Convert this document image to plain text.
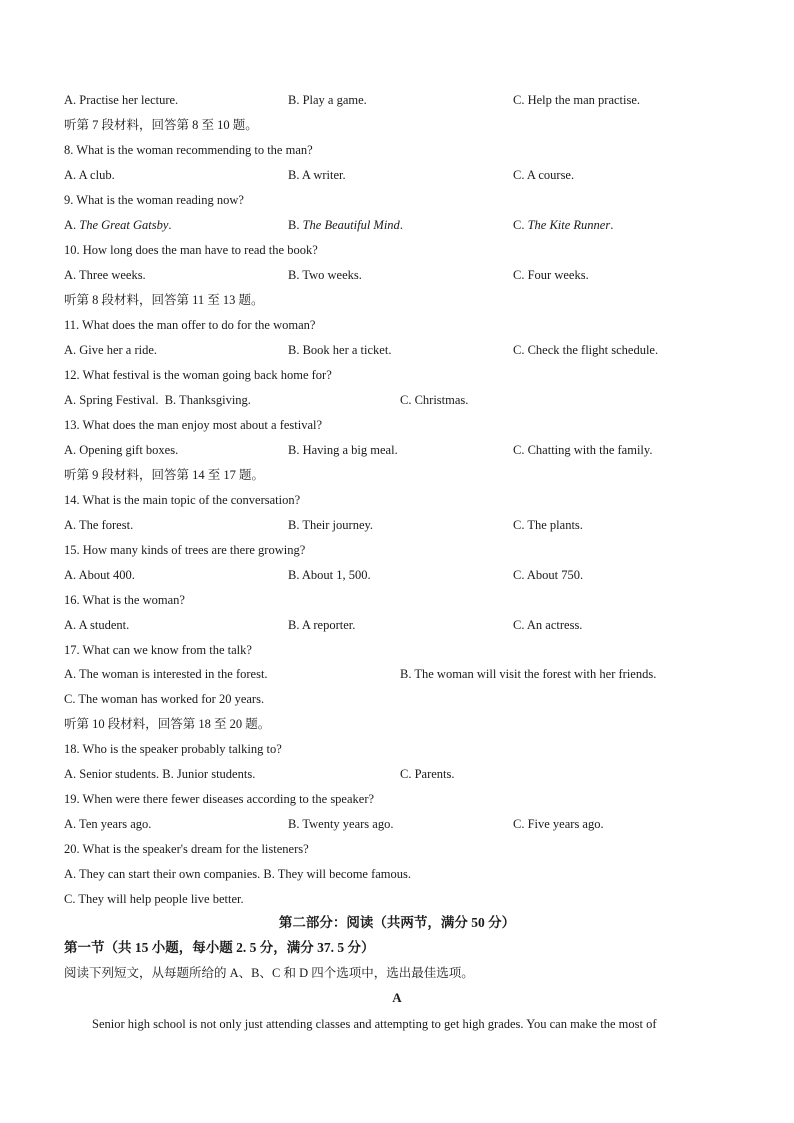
A. Practise her lecture.	B. Play a game.	C. Help the man practise.
听第 7 段材料，回答第 8 至 10 题。
8. What is the woman recommending to the man?
A. A club.	B. A writer.	C. A course.
9. What is the woman reading now?
A. The Great Gatsby.	B. The Beautiful Mind.	C. The Kite Runner.
10. How long does the man have to read the book?
A. Three weeks.	B. Two weeks.	C. Four weeks.
听第 8 段材料，回答第 11 至 13 题。
11. What does the man offer to do for the woman?
A. Give her a ride.	B. Book her a ticket.	C. Check the flight schedule.
12. What festival is the woman going back home for?
A. Spring Festival.  B. Thanksgiving.	C. Christmas.
13. What does the man enjoy most about a festival?
A. Opening gift boxes.	B. Having a big meal.	C. Chatting with the family.
听第 9 段材料，回答第 14 至 17 题。
14. What is the main topic of the conversation?
A. The forest.	B. Their journey.	C. The plants.
15. How many kinds of trees are there growing?
A. About 400.	B. About 1, 500.	C. About 750.
16. What is the woman?
A. A student.	B. A reporter.	C. An actress.
17. What can we know from the talk?
A. The woman is interested in the forest.	B. The woman will visit the forest with her friends.
C. The woman has worked for 20 years.
听第 10 段材料，回答第 18 至 20 题。
18. Who is the speaker probably talking to?
A. Senior students. B. Junior students.	C. Parents.
19. When were there fewer diseases according to the speaker?
A. Ten years ago.	B. Twenty years ago.	C. Five years ago.
20. What is the speaker's dream for the listeners?
A. They can start their own companies. B. They will become famous.
C. They will help people live better.
第二部分：阅读（共两节，满分 50 分）
第一节（共 15 小题，每小题 2. 5 分，满分 37. 5 分）
阅读下列短文，从每题所给的 A、B、C 和 D 四个选项中，选出最佳选项。
A
Senior high school is not only just attending classes and attempting to get high grades. You can make the most of
